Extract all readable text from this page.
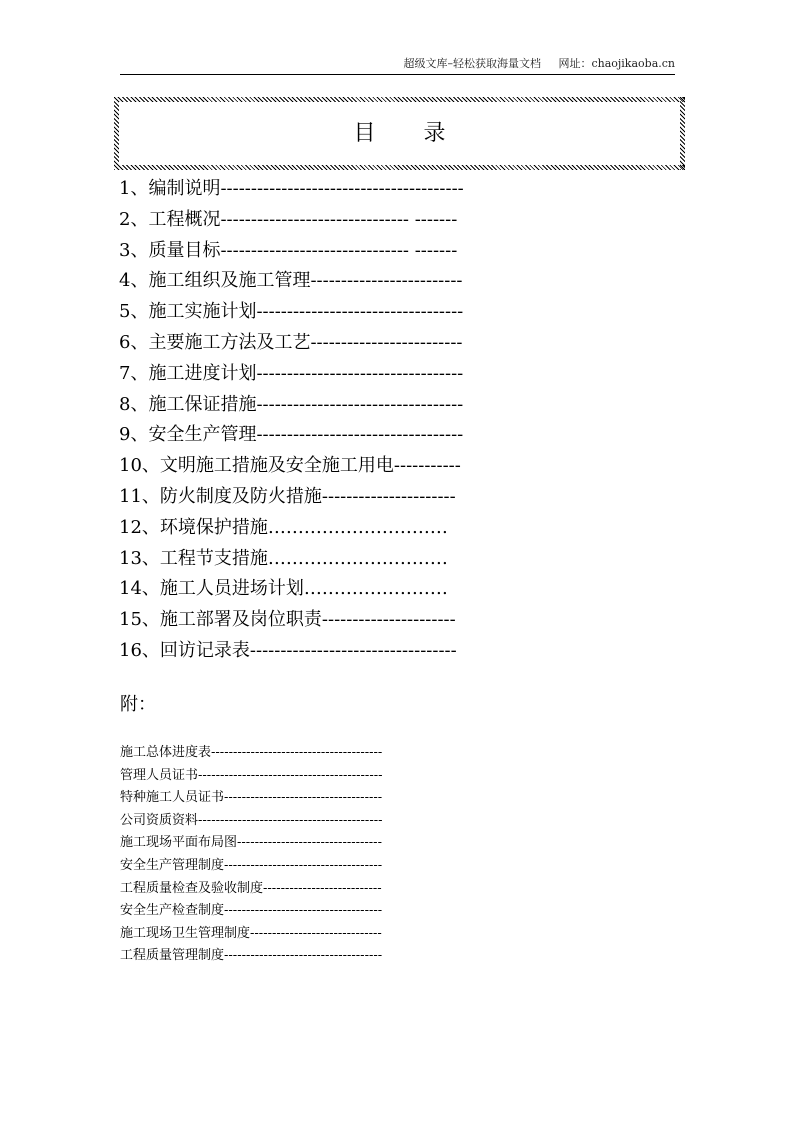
超级文库–轻松获取海量文档 网址：chaojikaoba.cn
目录
1、编制说明----------------------------------------
2、工程概况------------------------------- -------
3、质量目标------------------------------- -------
4、施工组织及施工管理-------------------------
5、施工实施计划----------------------------------
6、主要施工方法及工艺-------------------------
7、施工进度计划----------------------------------
8、施工保证措施----------------------------------
9、安全生产管理----------------------------------
10、文明施工措施及安全施工用电-----------
11、防火制度及防火措施----------------------
12、环境保护措施…………………………
13、工程节支措施…………………………
14、施工人员进场计划……………………
15、施工部署及岗位职责----------------------
16、回访记录表----------------------------------
附：
施工总体进度表---------------------------------------
管理人员证书------------------------------------------
特种施工人员证书------------------------------------
公司资质资料------------------------------------------
施工现场平面布局图---------------------------------
安全生产管理制度------------------------------------
工程质量检查及验收制度---------------------------
安全生产检查制度------------------------------------
施工现场卫生管理制度------------------------------
工程质量管理制度------------------------------------
